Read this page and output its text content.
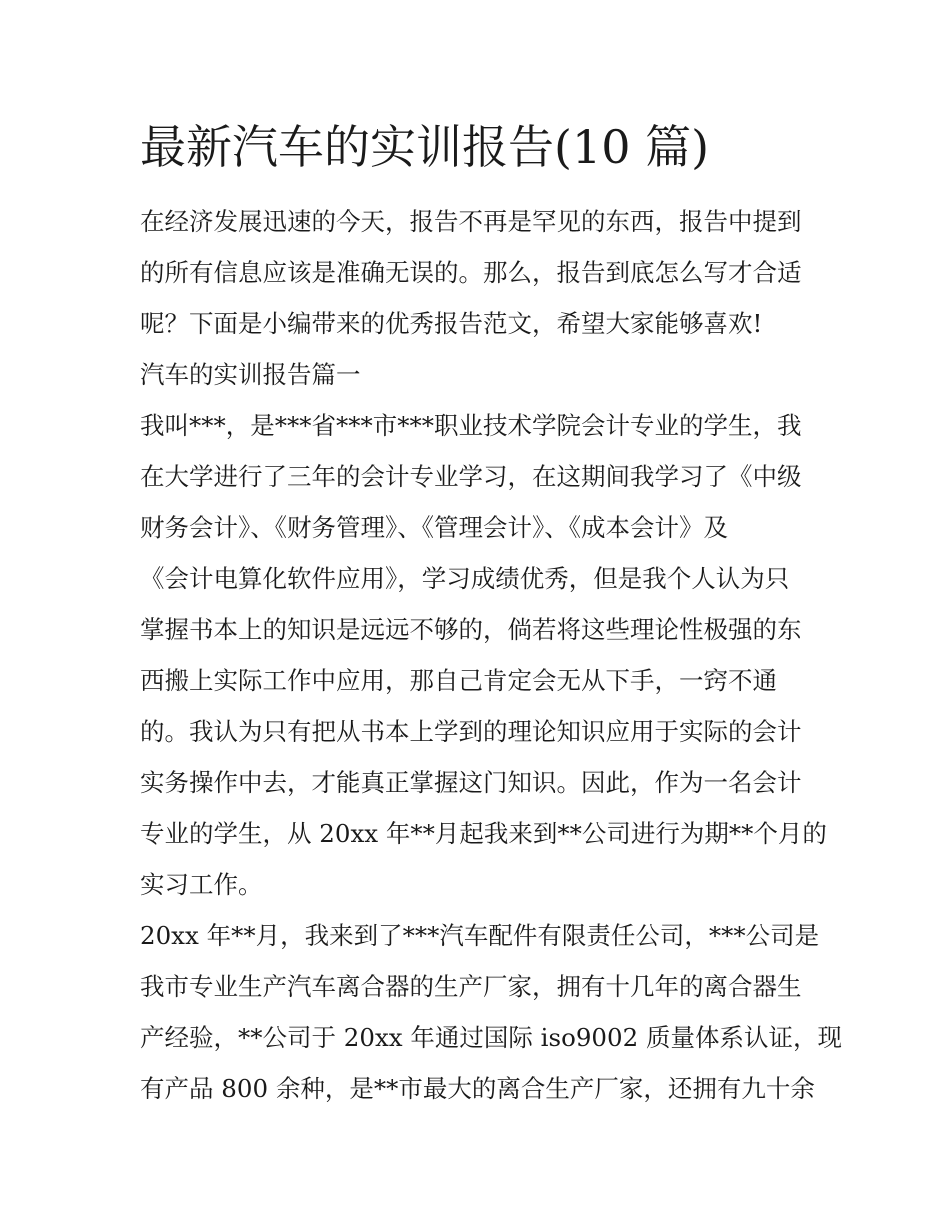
最新汽车的实训报告(10 篇)

在经济发展迅速的今天，报告不再是罕见的东西，报告中提到

的所有信息应该是准确无误的。那么，报告到底怎么写才合适

呢？下面是小编带来的优秀报告范文，希望大家能够喜欢!

汽车的实训报告篇一

我叫***，是***省***市***职业技术学院会计专业的学生，我

在大学进行了三年的会计专业学习，在这期间我学习了《中级

财务会计》、《财务管理》、《管理会计》、《成本会计》及

《会计电算化软件应用》，学习成绩优秀，但是我个人认为只

掌握书本上的知识是远远不够的，倘若将这些理论性极强的东

西搬上实际工作中应用，那自己肯定会无从下手，一窍不通

的。我认为只有把从书本上学到的理论知识应用于实际的会计

实务操作中去，才能真正掌握这门知识。因此，作为一名会计

专业的学生，从 20xx 年**月起我来到**公司进行为期**个月的

实习工作。

20xx 年**月，我来到了***汽车配件有限责任公司，***公司是

我市专业生产汽车离合器的生产厂家，拥有十几年的离合器生

产经验，**公司于 20xx 年通过国际 iso9002 质量体系认证，现

有产品 800 余种，是**市最大的离合生产厂家，还拥有九十余
